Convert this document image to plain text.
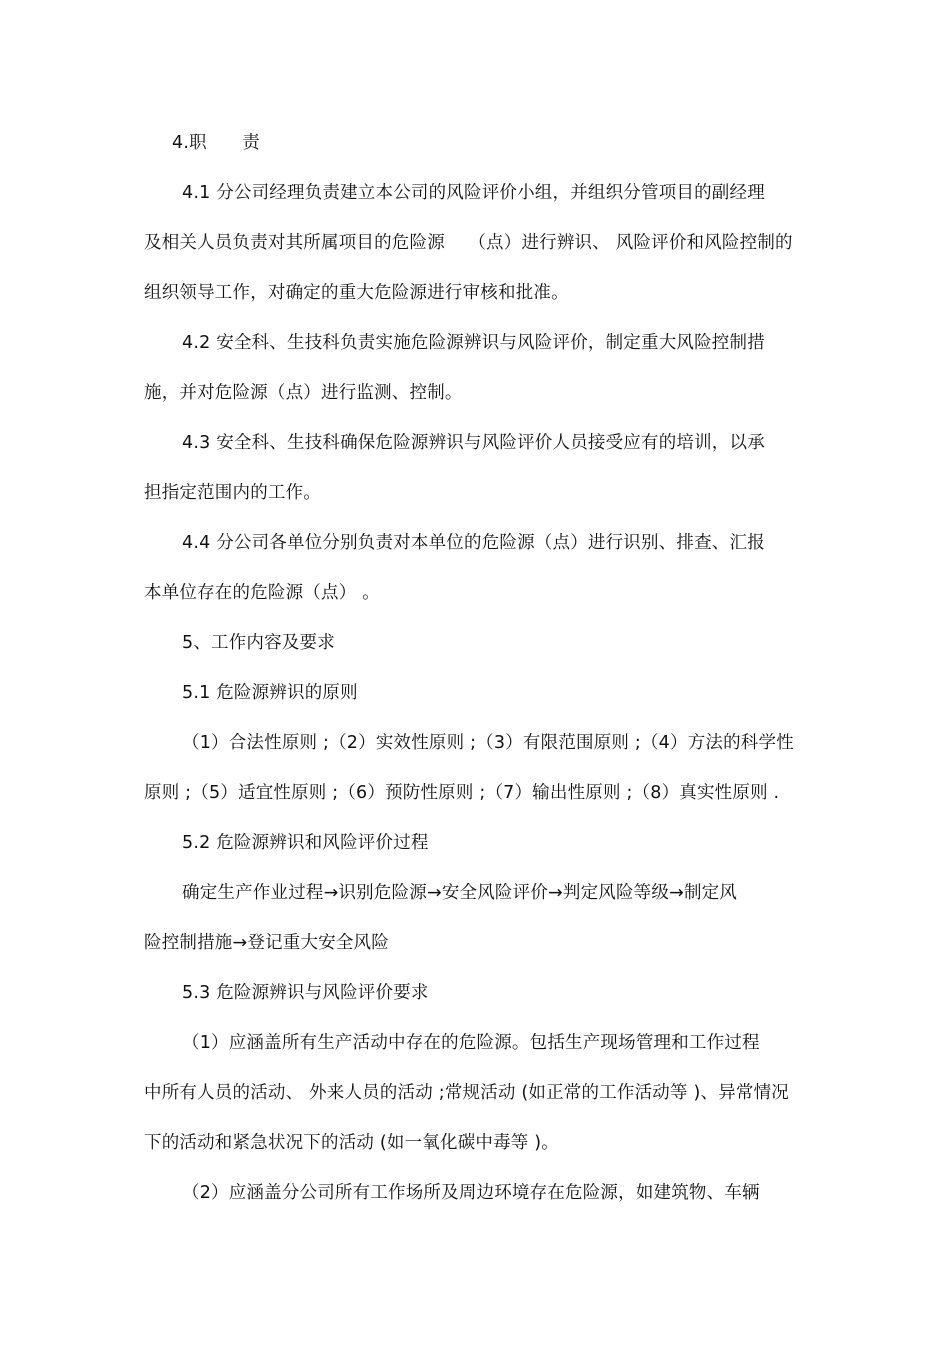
4.职　　责
4.1 分公司经理负责建立本公司的风险评价小组，并组织分管项目的副经理
及相关人员负责对其所属项目的危险源　 （点）进行辨识、 风险评价和风险控制的
组织领导工作，对确定的重大危险源进行审核和批准。
4.2 安全科、生技科负责实施危险源辨识与风险评价，制定重大风险控制措
施，并对危险源（点）进行监测、控制。
4.3 安全科、生技科确保危险源辨识与风险评价人员接受应有的培训，以承
担指定范围内的工作。
4.4 分公司各单位分别负责对本单位的危险源（点）进行识别、排查、汇报
本单位存在的危险源（点） 。
5、工作内容及要求
5.1 危险源辨识的原则
（1）合法性原则 ;（2）实效性原则 ;（3）有限范围原则 ;（4）方法的科学性
原则 ;（5）适宜性原则 ;（6）预防性原则 ;（7）输出性原则 ;（8）真实性原则 .
5.2 危险源辨识和风险评价过程
确定生产作业过程→识别危险源→安全风险评价→判定风险等级→制定风
险控制措施→登记重大安全风险
5.3 危险源辨识与风险评价要求
（1）应涵盖所有生产活动中存在的危险源。包括生产现场管理和工作过程
中所有人员的活动、 外来人员的活动 ;常规活动 (如正常的工作活动等 )、异常情况
下的活动和紧急状况下的活动 (如一氧化碳中毒等 )。
（2）应涵盖分公司所有工作场所及周边环境存在危险源，如建筑物、车辆
